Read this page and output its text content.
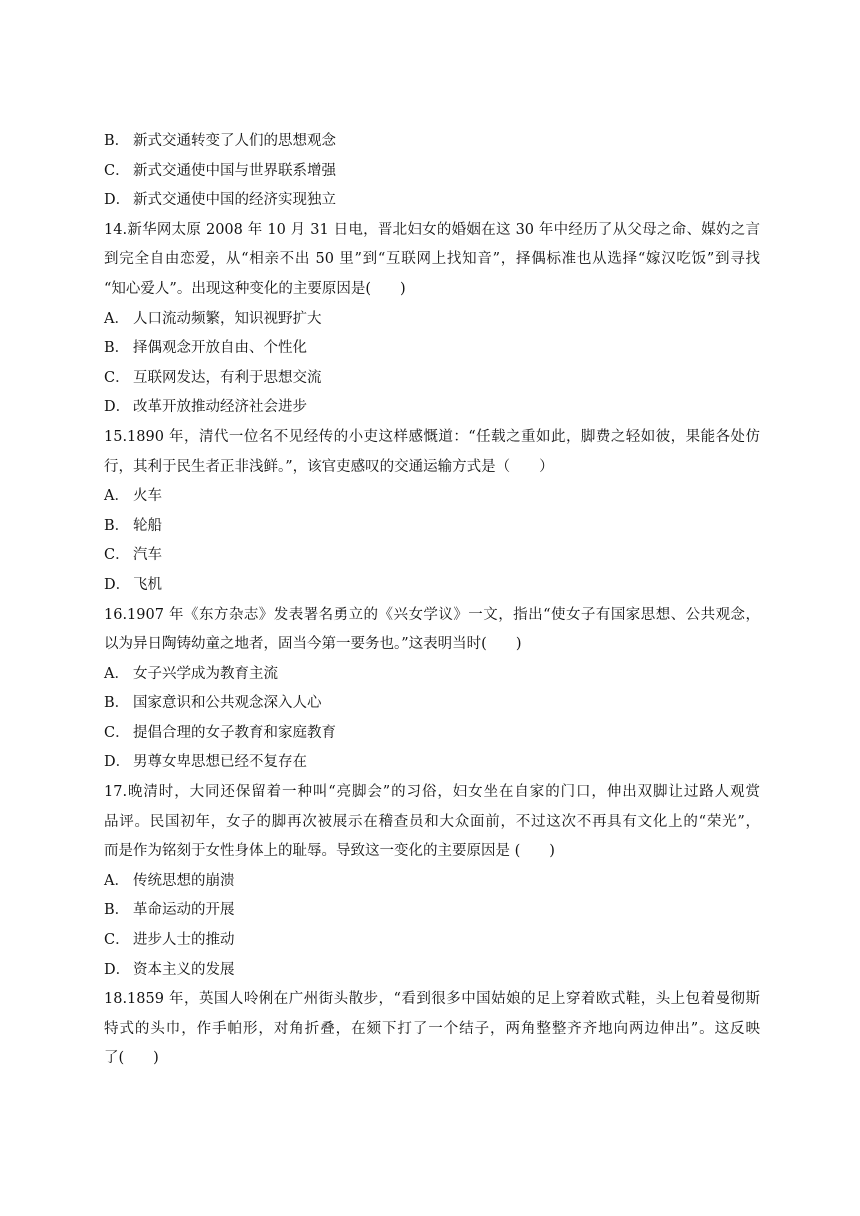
B． 新式交通转变了人们的思想观念
C． 新式交通使中国与世界联系增强
D． 新式交通使中国的经济实现独立
14.新华网太原 2008 年 10 月 31 日电，晋北妇女的婚姻在这 30 年中经历了从父母之命、媒妁之言
到完全自由恋爱，从“相亲不出 50 里”到“互联网上找知音”，择偶标准也从选择“嫁汉吃饭”到寻找
“知心爱人”。出现这种变化的主要原因是(　　)
A． 人口流动频繁，知识视野扩大
B． 择偶观念开放自由、个性化
C． 互联网发达，有利于思想交流
D． 改革开放推动经济社会进步
15.1890 年，清代一位名不见经传的小吏这样感慨道：“任载之重如此，脚费之轻如彼，果能各处仿
行，其利于民生者正非浅鲜。”，该官吏感叹的交通运输方式是（　　）
A． 火车
B． 轮船
C． 汽车
D． 飞机
16.1907 年《东方杂志》发表署名勇立的《兴女学议》一文，指出“使女子有国家思想、公共观念，
以为异日陶铸幼童之地者，固当今第一要务也。”这表明当时(　　)
A． 女子兴学成为教育主流
B． 国家意识和公共观念深入人心
C． 提倡合理的女子教育和家庭教育
D． 男尊女卑思想已经不复存在
17.晚清时，大同还保留着一种叫“亮脚会”的习俗，妇女坐在自家的门口，伸出双脚让过路人观赏
品评。民国初年，女子的脚再次被展示在稽查员和大众面前，不过这次不再具有文化上的“荣光”，
而是作为铭刻于女性身体上的耻辱。导致这一变化的主要原因是 (　　)
A． 传统思想的崩溃
B． 革命运动的开展
C． 进步人士的推动
D． 资本主义的发展
18.1859 年，英国人呤俐在广州街头散步，“看到很多中国姑娘的足上穿着欧式鞋，头上包着曼彻斯
特式的头巾，作手帕形，对角折叠，在颏下打了一个结子，两角整整齐齐地向两边伸出”。这反映
了(　　)
